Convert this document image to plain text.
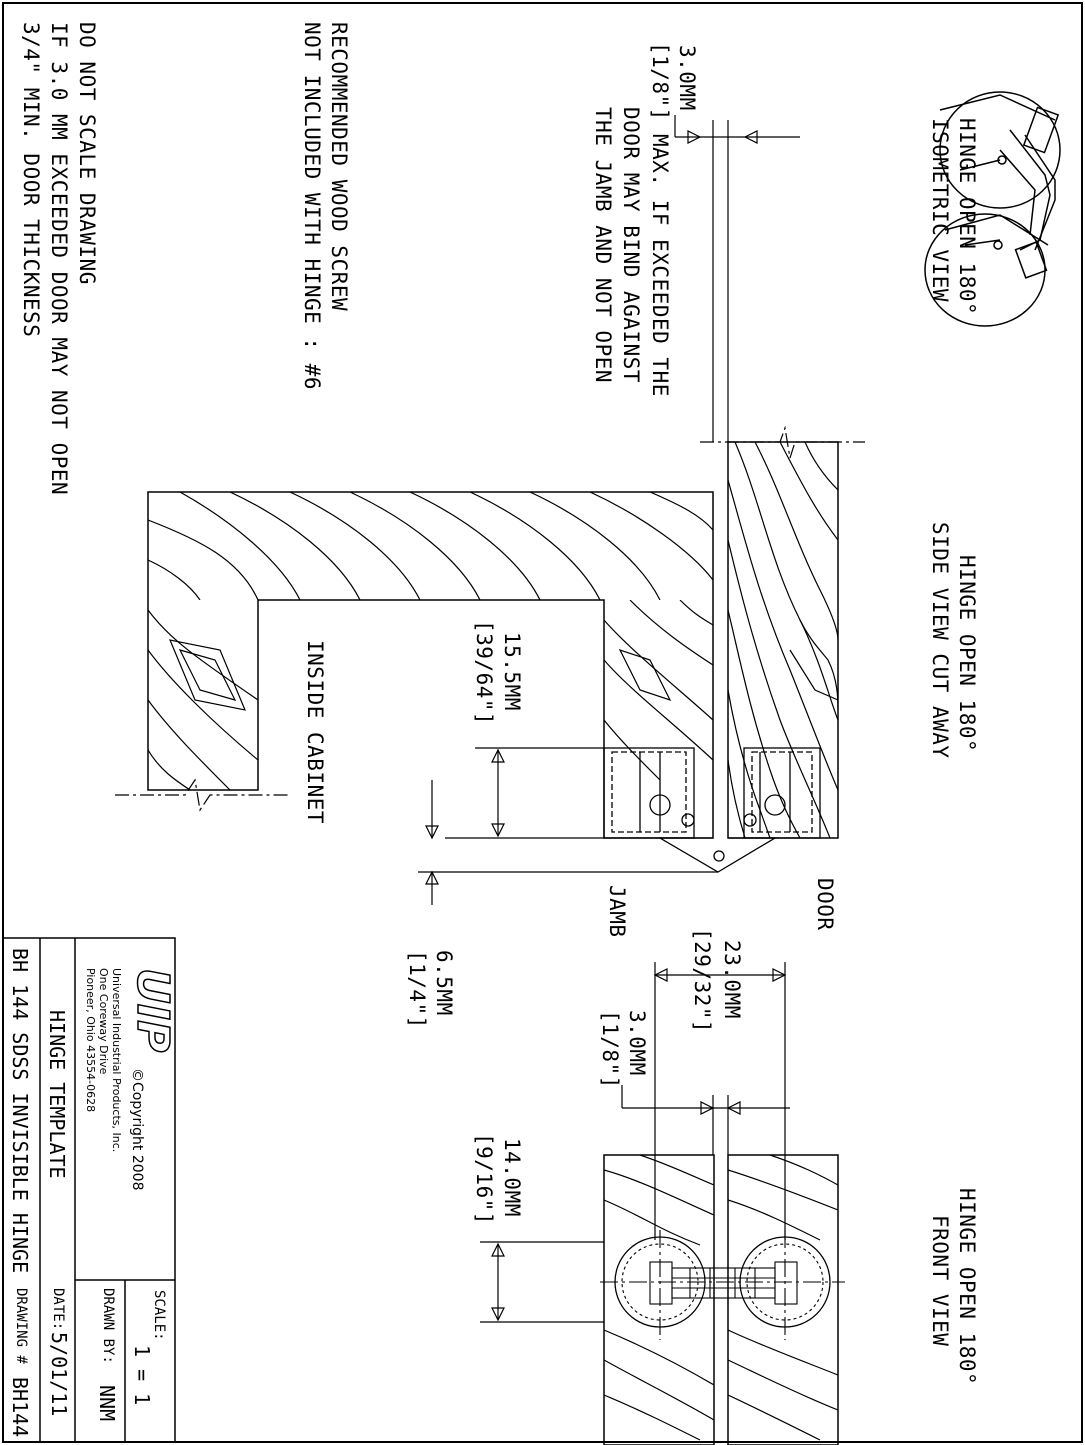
HINGE OPEN 180°
ISOMETRIC VIEW
HINGE OPEN 180°
SIDE VIEW CUT AWAY
HINGE OPEN 180°
FRONT VIEW
3.0MM
[1/8"] MAX. IF EXCEEDED THE
DOOR MAY BIND AGAINST
THE JAMB AND NOT OPEN
RECOMMENDED WOOD SCREW
NOT INCLUDED WITH HINGE : #6
DO NOT SCALE DRAWING
IF 3.0 MM EXCEEDED DOOR MAY NOT OPEN
3/4" MIN. DOOR THICKNESS
INSIDE CABINET
DOOR
JAMB
15.5MM
[39/64"]
6.5MM
[1/4"]	23.0MM
[29/32"]
3.0MM
[1/8"]
14.0MM
[9/16"]
UIP
©Copyright 2008
Universal Industrial Products, Inc.
One Coreway Drive
Pioneer, Ohio 43554-0628
HINGE TEMPLATE
BH 144 SDSS INVISIBLE HINGE
SCALE:
1 = 1
DRAWN BY:
NNM
DATE:
5/01/11
DRAWING #
BH144
